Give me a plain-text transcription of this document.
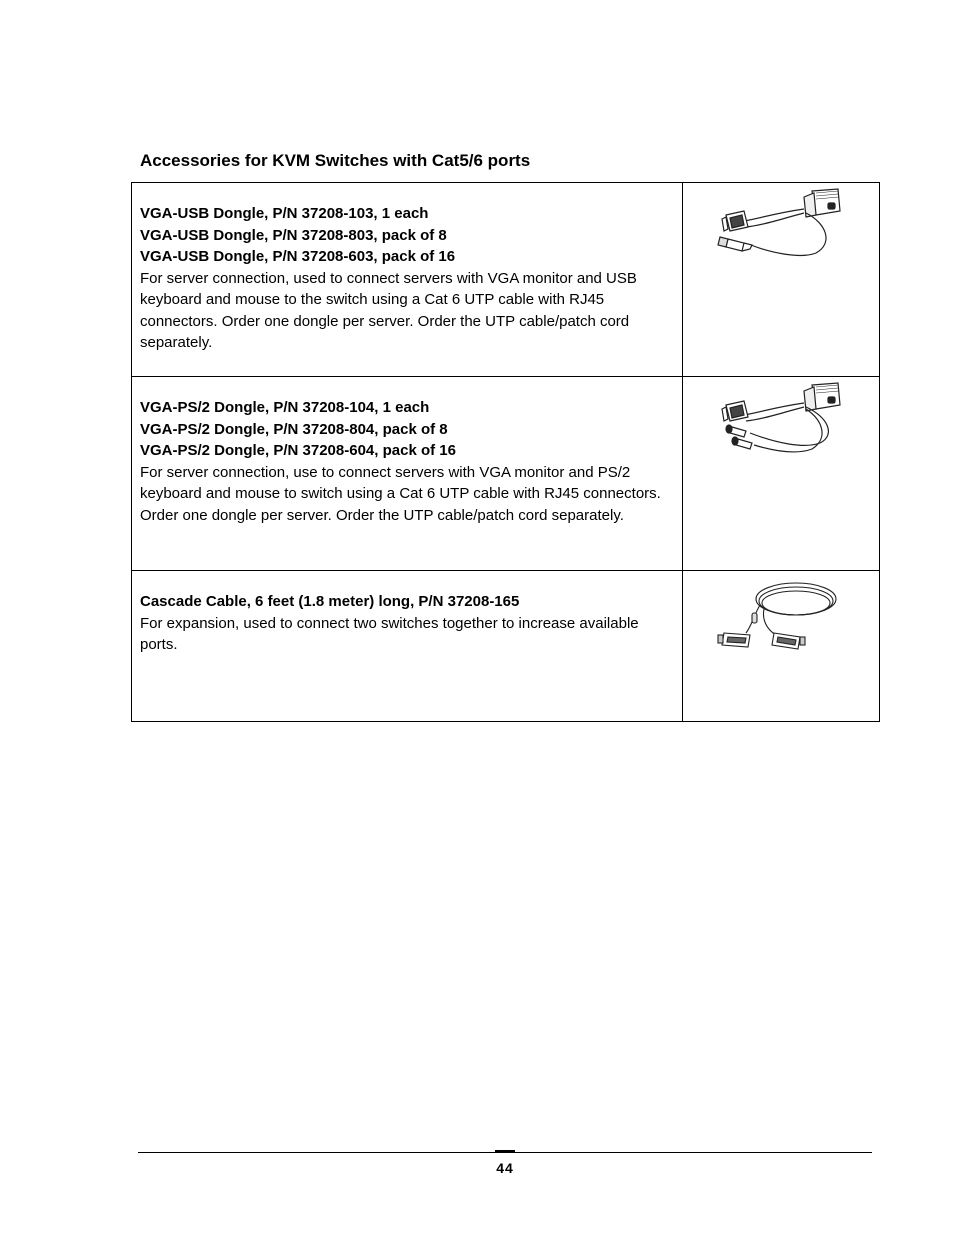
Accessories for KVM Switches with Cat5/6 ports
VGA-USB Dongle, P/N 37208-103, 1 each
VGA-USB Dongle, P/N 37208-803, pack of 8
VGA-USB Dongle, P/N 37208-603, pack of 16
For server connection, used to connect servers with VGA monitor and USB keyboard and mouse to the switch using a Cat 6 UTP cable with RJ45 connectors. Order one dongle per server. Order the UTP cable/patch cord separately.

VGA-PS/2 Dongle, P/N 37208-104, 1 each
VGA-PS/2 Dongle, P/N 37208-804, pack of 8
VGA-PS/2 Dongle, P/N 37208-604, pack of 16
For server connection, use to connect servers with VGA monitor and PS/2 keyboard and mouse to switch using a Cat 6 UTP cable with RJ45 connectors. Order one dongle per server. Order the UTP cable/patch cord separately.

Cascade Cable, 6 feet (1.8 meter) long, P/N 37208-165
For expansion, used to connect two switches together to increase available ports.

44
